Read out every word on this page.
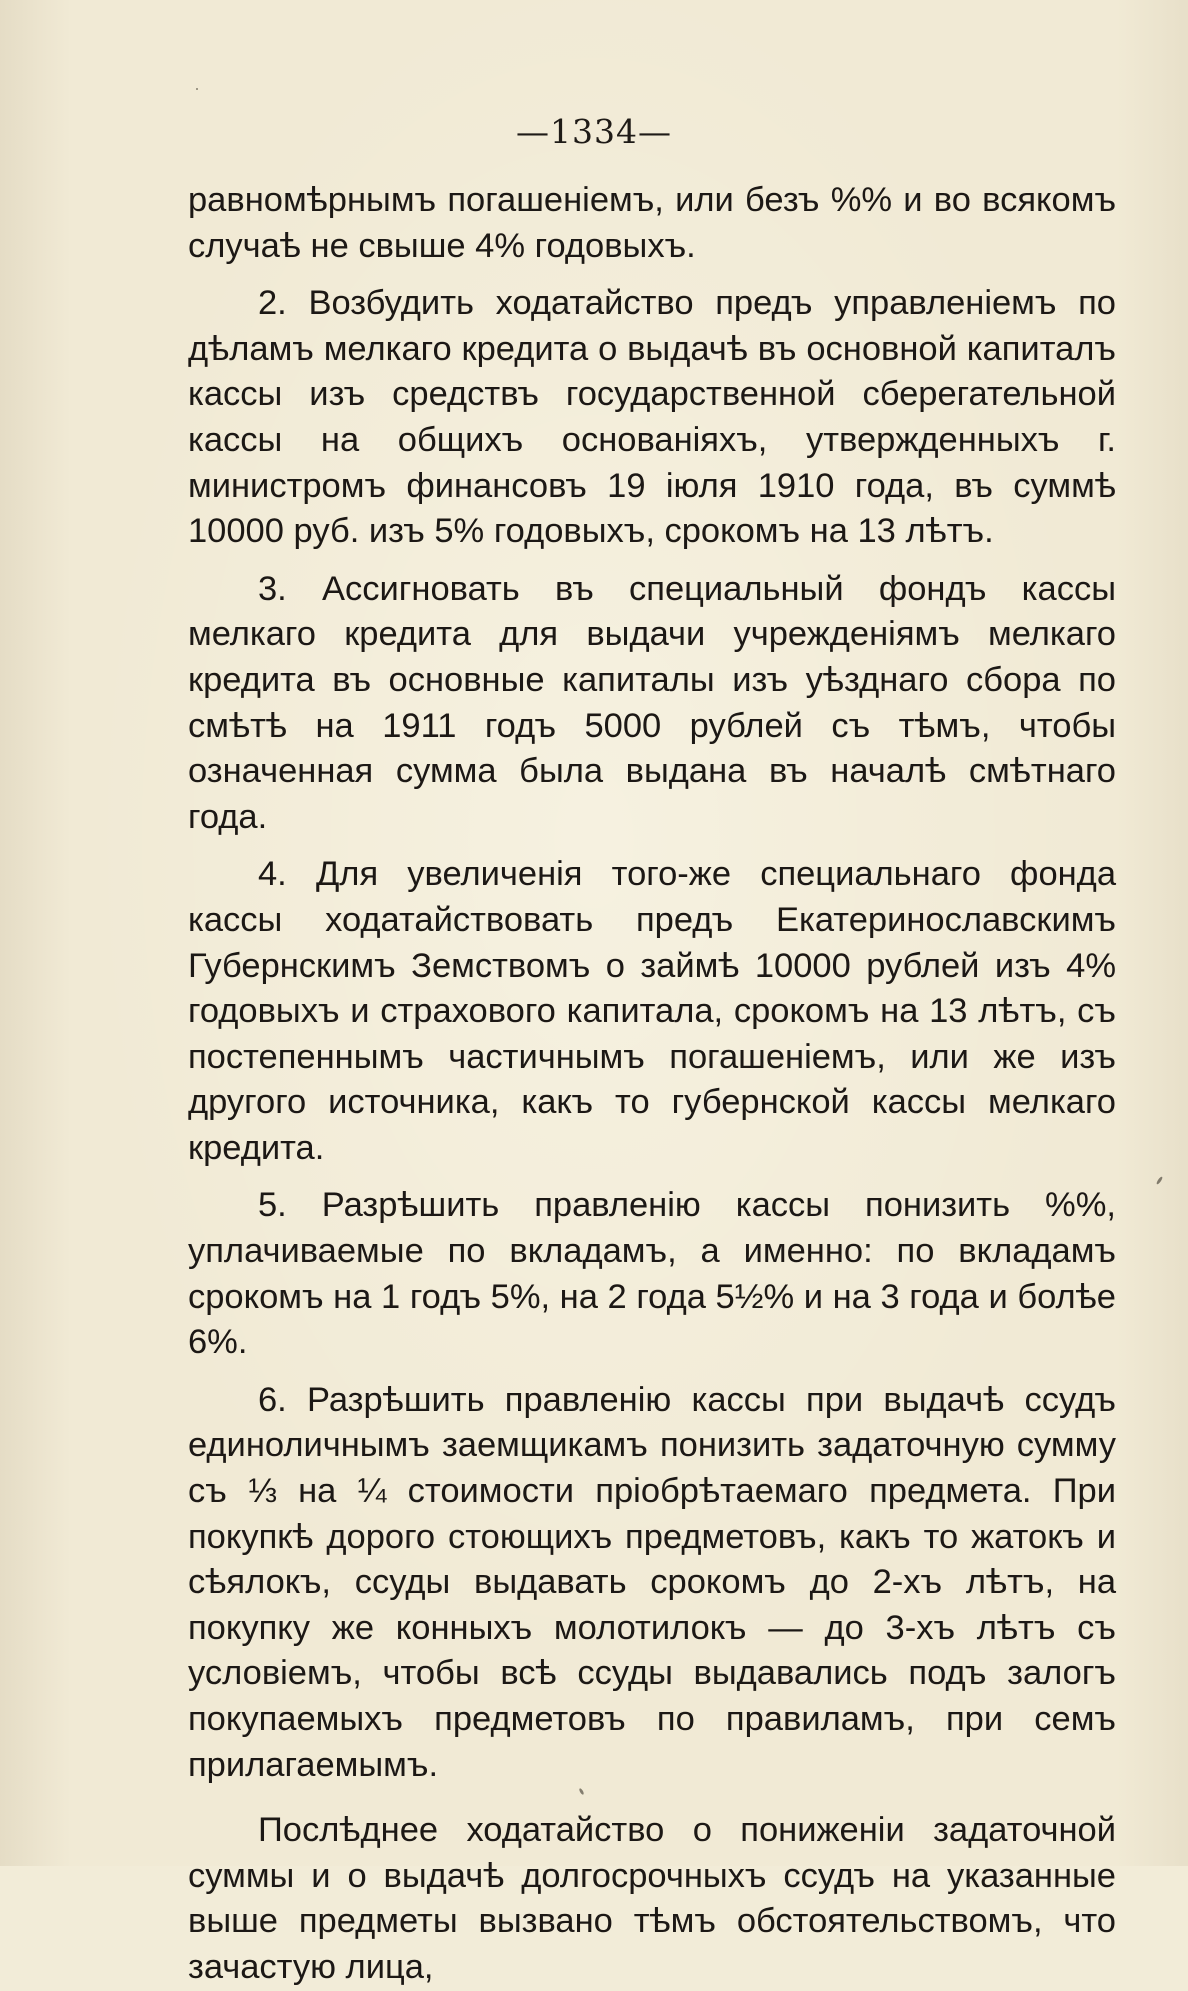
—1334—

равномѣрнымъ погашеніемъ, или безъ %% и во всякомъ случаѣ не свыше 4% годовыхъ.

2. Возбудить ходатайство предъ управленіемъ по дѣламъ мелкаго кредита о выдачѣ въ основной капиталъ кассы изъ средствъ государственной сберегательной кассы на общихъ основаніяхъ, утвержденныхъ г. министромъ финансовъ 19 іюля 1910 года, въ суммѣ 10000 руб. изъ 5% годовыхъ, срокомъ на 13 лѣтъ.

3. Ассигновать въ специальный фондъ кассы мелкаго кредита для выдачи учрежденіямъ мелкаго кредита въ основные капиталы изъ уѣзднаго сбора по смѣтѣ на 1911 годъ 5000 рублей съ тѣмъ, чтобы означенная сумма была выдана въ началѣ смѣтнаго года.

4. Для увеличенія того-же специальнаго фонда кассы ходатайствовать предъ Екатеринославскимъ Губернскимъ Земствомъ о займѣ 10000 рублей изъ 4% годовыхъ и страхового капитала, срокомъ на 13 лѣтъ, съ постепеннымъ частичнымъ погашеніемъ, или же изъ другого источника, какъ то губернской кассы мелкаго кредита.

5. Разрѣшить правленію кассы понизить %%, уплачиваемые по вкладамъ, а именно: по вкладамъ срокомъ на 1 годъ 5%, на 2 года 5½% и на 3 года и болѣе 6%.

6. Разрѣшить правленію кассы при выдачѣ ссудъ единоличнымъ заемщикамъ понизить задаточную сумму съ ⅓ на ¼ стоимости пріобрѣтаемаго предмета. При покупкѣ дорого стоющихъ предметовъ, какъ то жатокъ и сѣялокъ, ссуды выдавать срокомъ до 2-хъ лѣтъ, на покупку же конныхъ молотилокъ — до 3-хъ лѣтъ съ условіемъ, чтобы всѣ ссуды выдавались подъ залогъ покупаемыхъ предметовъ по правиламъ, при семъ прилагаемымъ.

Послѣднее ходатайство о пониженіи задаточной суммы и о выдачѣ долгосрочныхъ ссудъ на указанные выше предметы вызвано тѣмъ обстоятельствомъ, что зачастую лица,
